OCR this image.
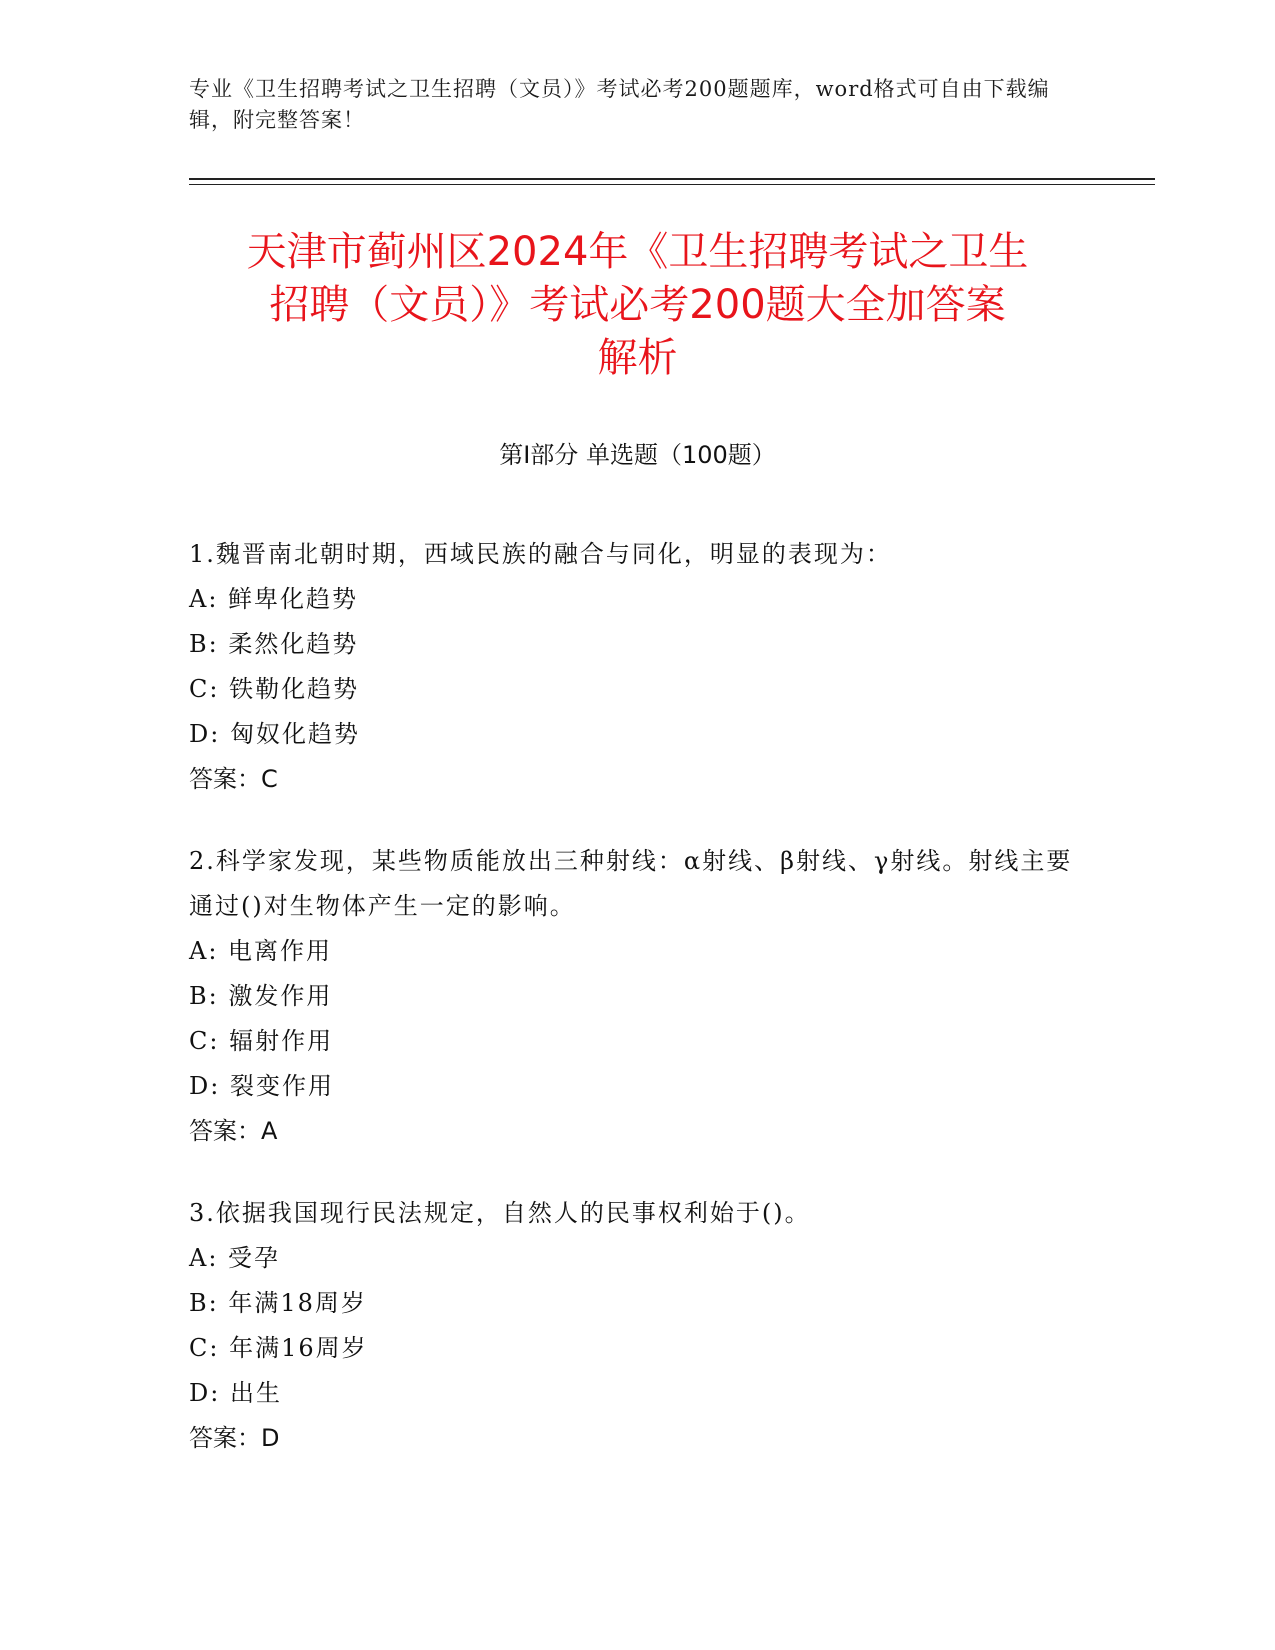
专业《卫生招聘考试之卫生招聘（文员）》考试必考200题题库，word格式可自由下载编辑，附完整答案！
天津市蓟州区2024年《卫生招聘考试之卫生
招聘（文员）》考试必考200题大全加答案
解析
第Ⅰ部分 单选题（100题）
1.魏晋南北朝时期，西域民族的融合与同化，明显的表现为：
A: 鲜卑化趋势
B: 柔然化趋势
C: 铁勒化趋势
D: 匈奴化趋势
答案：C
2.科学家发现，某些物质能放出三种射线：α射线、β射线、γ射线。射线主要通过()对生物体产生一定的影响。
A: 电离作用
B: 激发作用
C: 辐射作用
D: 裂变作用
答案：A
3.依据我国现行民法规定，自然人的民事权利始于()。
A: 受孕
B: 年满18周岁
C: 年满16周岁
D: 出生
答案：D
